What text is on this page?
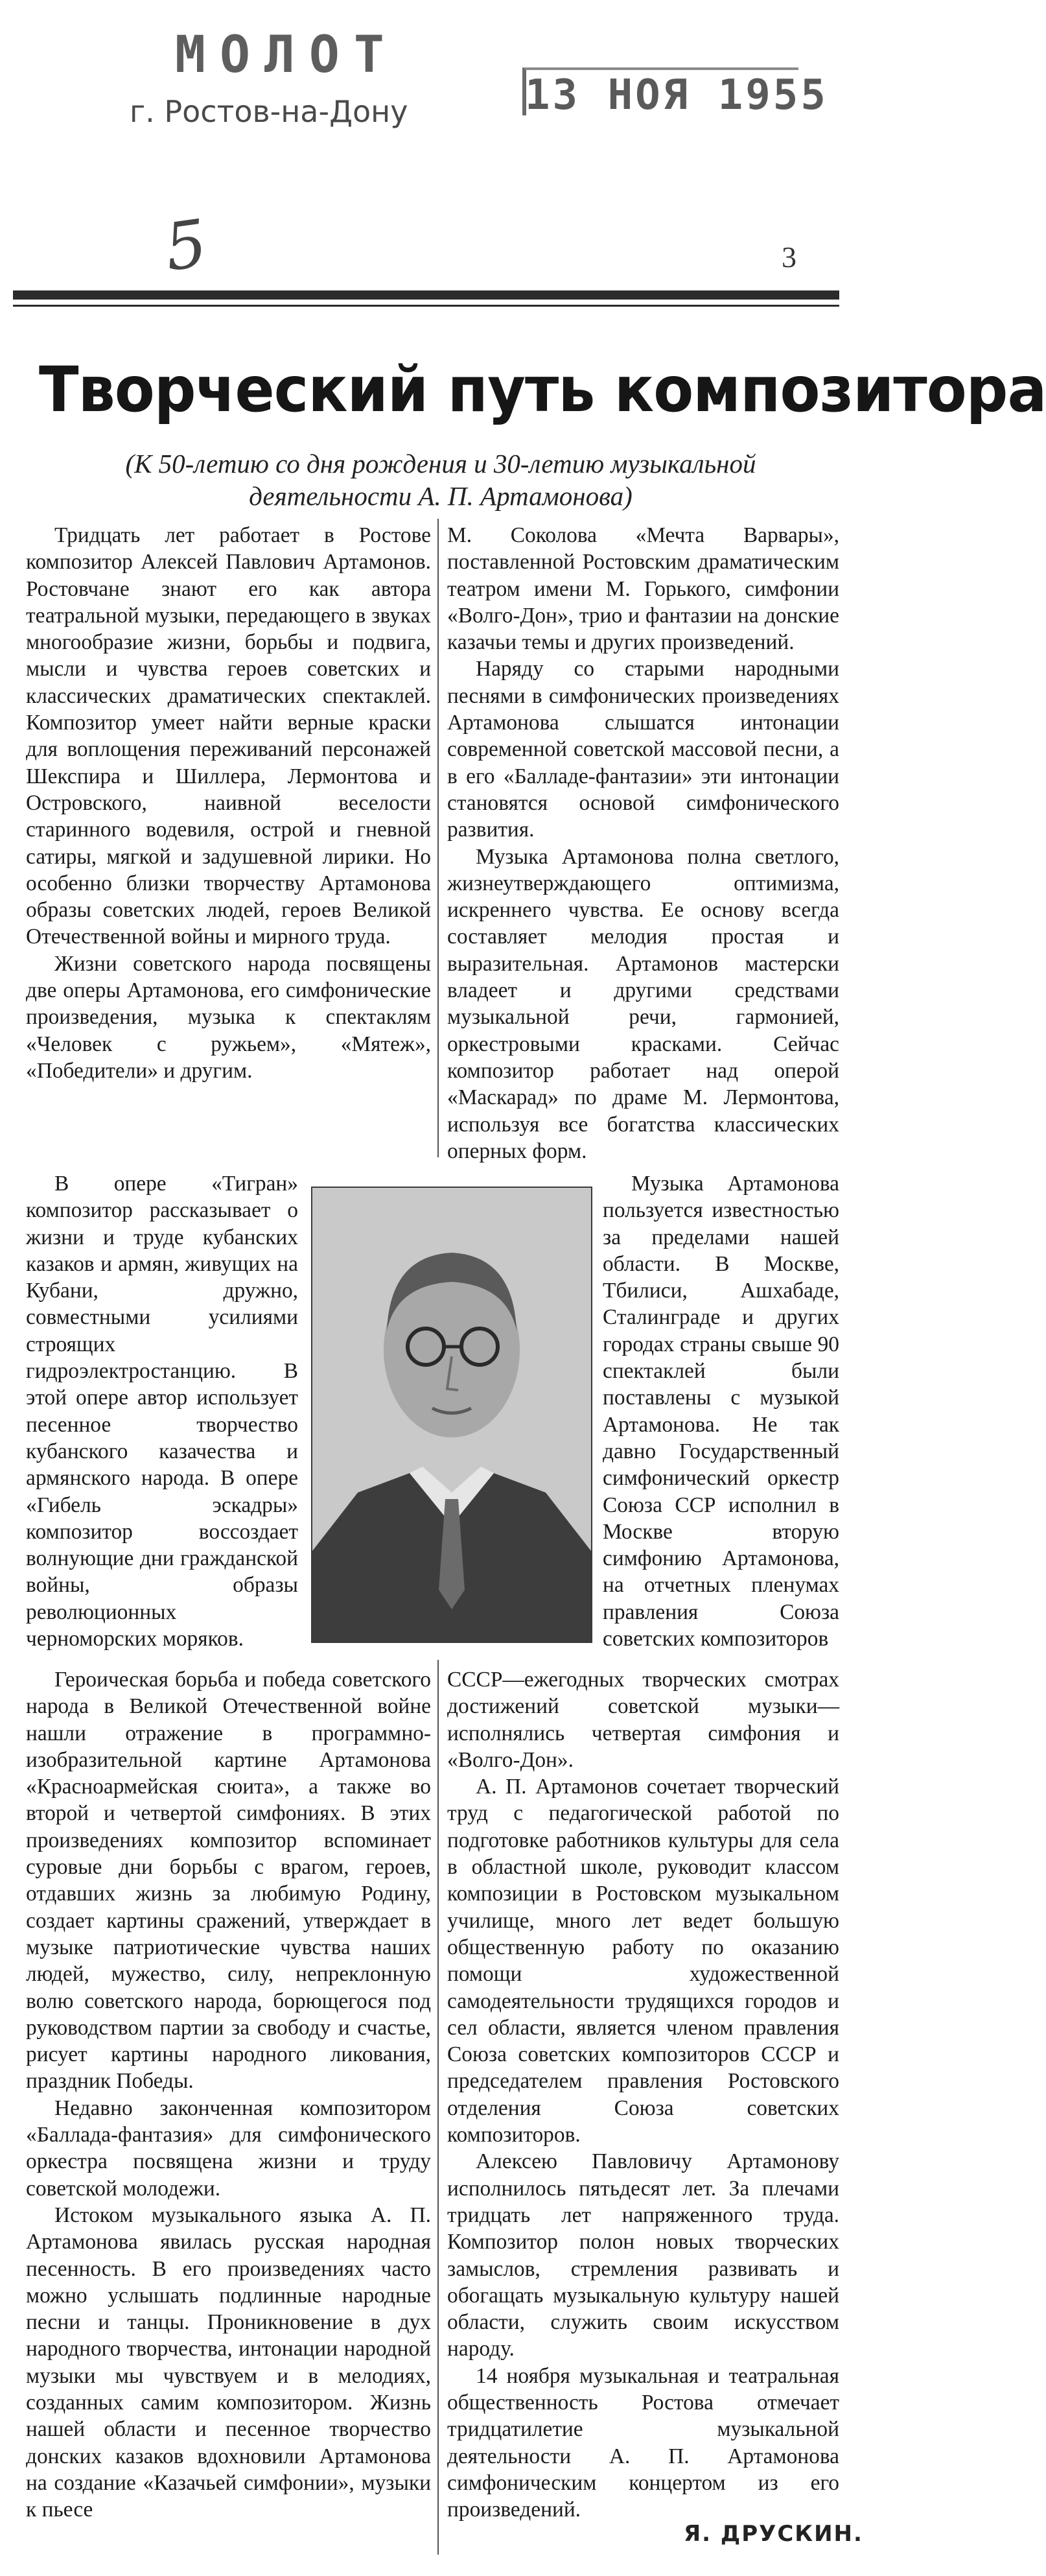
МОЛОТ
г. Ростов-на-Дону	13 НОЯ 1955
5	3
Творческий путь композитора
(К 50-летию со дня рождения и 30-летию музыкальной деятельности А. П. Артамонова)

Тридцать лет работает в Ростове композитор Алексей Павлович Артамонов. Ростовчане знают его как автора театральной музыки, передающего в звуках многообразие жизни, борьбы и подвига, мысли и чувства героев советских и классических драматических спектаклей. Композитор умеет найти верные краски для воплощения переживаний персонажей Шекспира и Шиллера, Лермонтова и Островского, наивной веселости старинного водевиля, острой и гневной сатиры, мягкой и задушевной лирики. Но особенно близки творчеству Артамонова образы советских людей, героев Великой Отечественной войны и мирного труда.

Жизни советского народа посвящены две оперы Артамонова, его симфонические произведения, музыка к спектаклям «Человек с ружьем», «Мятеж», «Победители» и другим.

М. Соколова «Мечта Варвары», поставленной Ростовским драматическим театром имени М. Горького, симфонии «Волго-Дон», трио и фантазии на донские казачьи темы и других произведений.

Наряду со старыми народными песнями в симфонических произведениях Артамонова слышатся интонации современной советской массовой песни, а в его «Балладе-фантазии» эти интонации становятся основой симфонического развития.

Музыка Артамонова полна светлого, жизнеутверждающего оптимизма, искреннего чувства. Ее основу всегда составляет мелодия простая и выразительная. Артамонов мастерски владеет и другими средствами музыкальной речи, гармонией, оркестровыми красками. Сейчас композитор работает над оперой «Маскарад» по драме М. Лермонтова, используя все богатства классических оперных форм.

В опере «Тигран» композитор рассказывает о жизни и труде кубанских казаков и армян, живущих на Кубани, дружно, совместными усилиями строящих гидроэлектростанцию. В этой опере автор использует песенное творчество кубанского казачества и армянского народа. В опере «Гибель эскадры» композитор воссоздает волнующие дни гражданской войны, образы революционных черноморских моряков.

Музыка Артамонова пользуется известностью за пределами нашей области. В Москве, Тбилиси, Ашхабаде, Сталинграде и других городах страны свыше 90 спектаклей были поставлены с музыкой Артамонова. Не так давно Государственный симфонический оркестр Союза ССР исполнил в Москве вторую симфонию Артамонова, на отчетных пленумах правления Союза советских композиторов

Героическая борьба и победа советского народа в Великой Отечественной войне нашли отражение в программно-изобразительной картине Артамонова «Красноармейская сюита», а также во второй и четвертой симфониях. В этих произведениях композитор вспоминает суровые дни борьбы с врагом, героев, отдавших жизнь за любимую Родину, создает картины сражений, утверждает в музыке патриотические чувства наших людей, мужество, силу, непреклонную волю советского народа, борющегося под руководством партии за свободу и счастье, рисует картины народного ликования, праздник Победы.

Недавно законченная композитором «Баллада-фантазия» для симфонического оркестра посвящена жизни и труду советской молодежи.

Истоком музыкального языка А. П. Артамонова явилась русская народная песенность. В его произведениях часто можно услышать подлинные народные песни и танцы. Проникновение в дух народного творчества, интонации народной музыки мы чувствуем и в мелодиях, созданных самим композитором. Жизнь нашей области и песенное творчество донских казаков вдохновили Артамонова на создание «Казачьей симфонии», музыки к пьесе

СССР—ежегодных творческих смотрах достижений советской музыки—исполнялись четвертая симфония и «Волго-Дон».

А. П. Артамонов сочетает творческий труд с педагогической работой по подготовке работников культуры для села в областной школе, руководит классом композиции в Ростовском музыкальном училище, много лет ведет большую общественную работу по оказанию помощи художественной самодеятельности трудящихся городов и сел области, является членом правления Союза советских композиторов СССР и председателем правления Ростовского отделения Союза советских композиторов.

Алексею Павловичу Артамонову исполнилось пятьдесят лет. За плечами тридцать лет напряженного труда. Композитор полон новых творческих замыслов, стремления развивать и обогащать музыкальную культуру нашей области, служить своим искусством народу.

14 ноября музыкальная и театральная общественность Ростова отмечает тридцатилетие музыкальной деятельности А. П. Артамонова симфоническим концертом из его произведений.

Я. ДРУСКИН.
